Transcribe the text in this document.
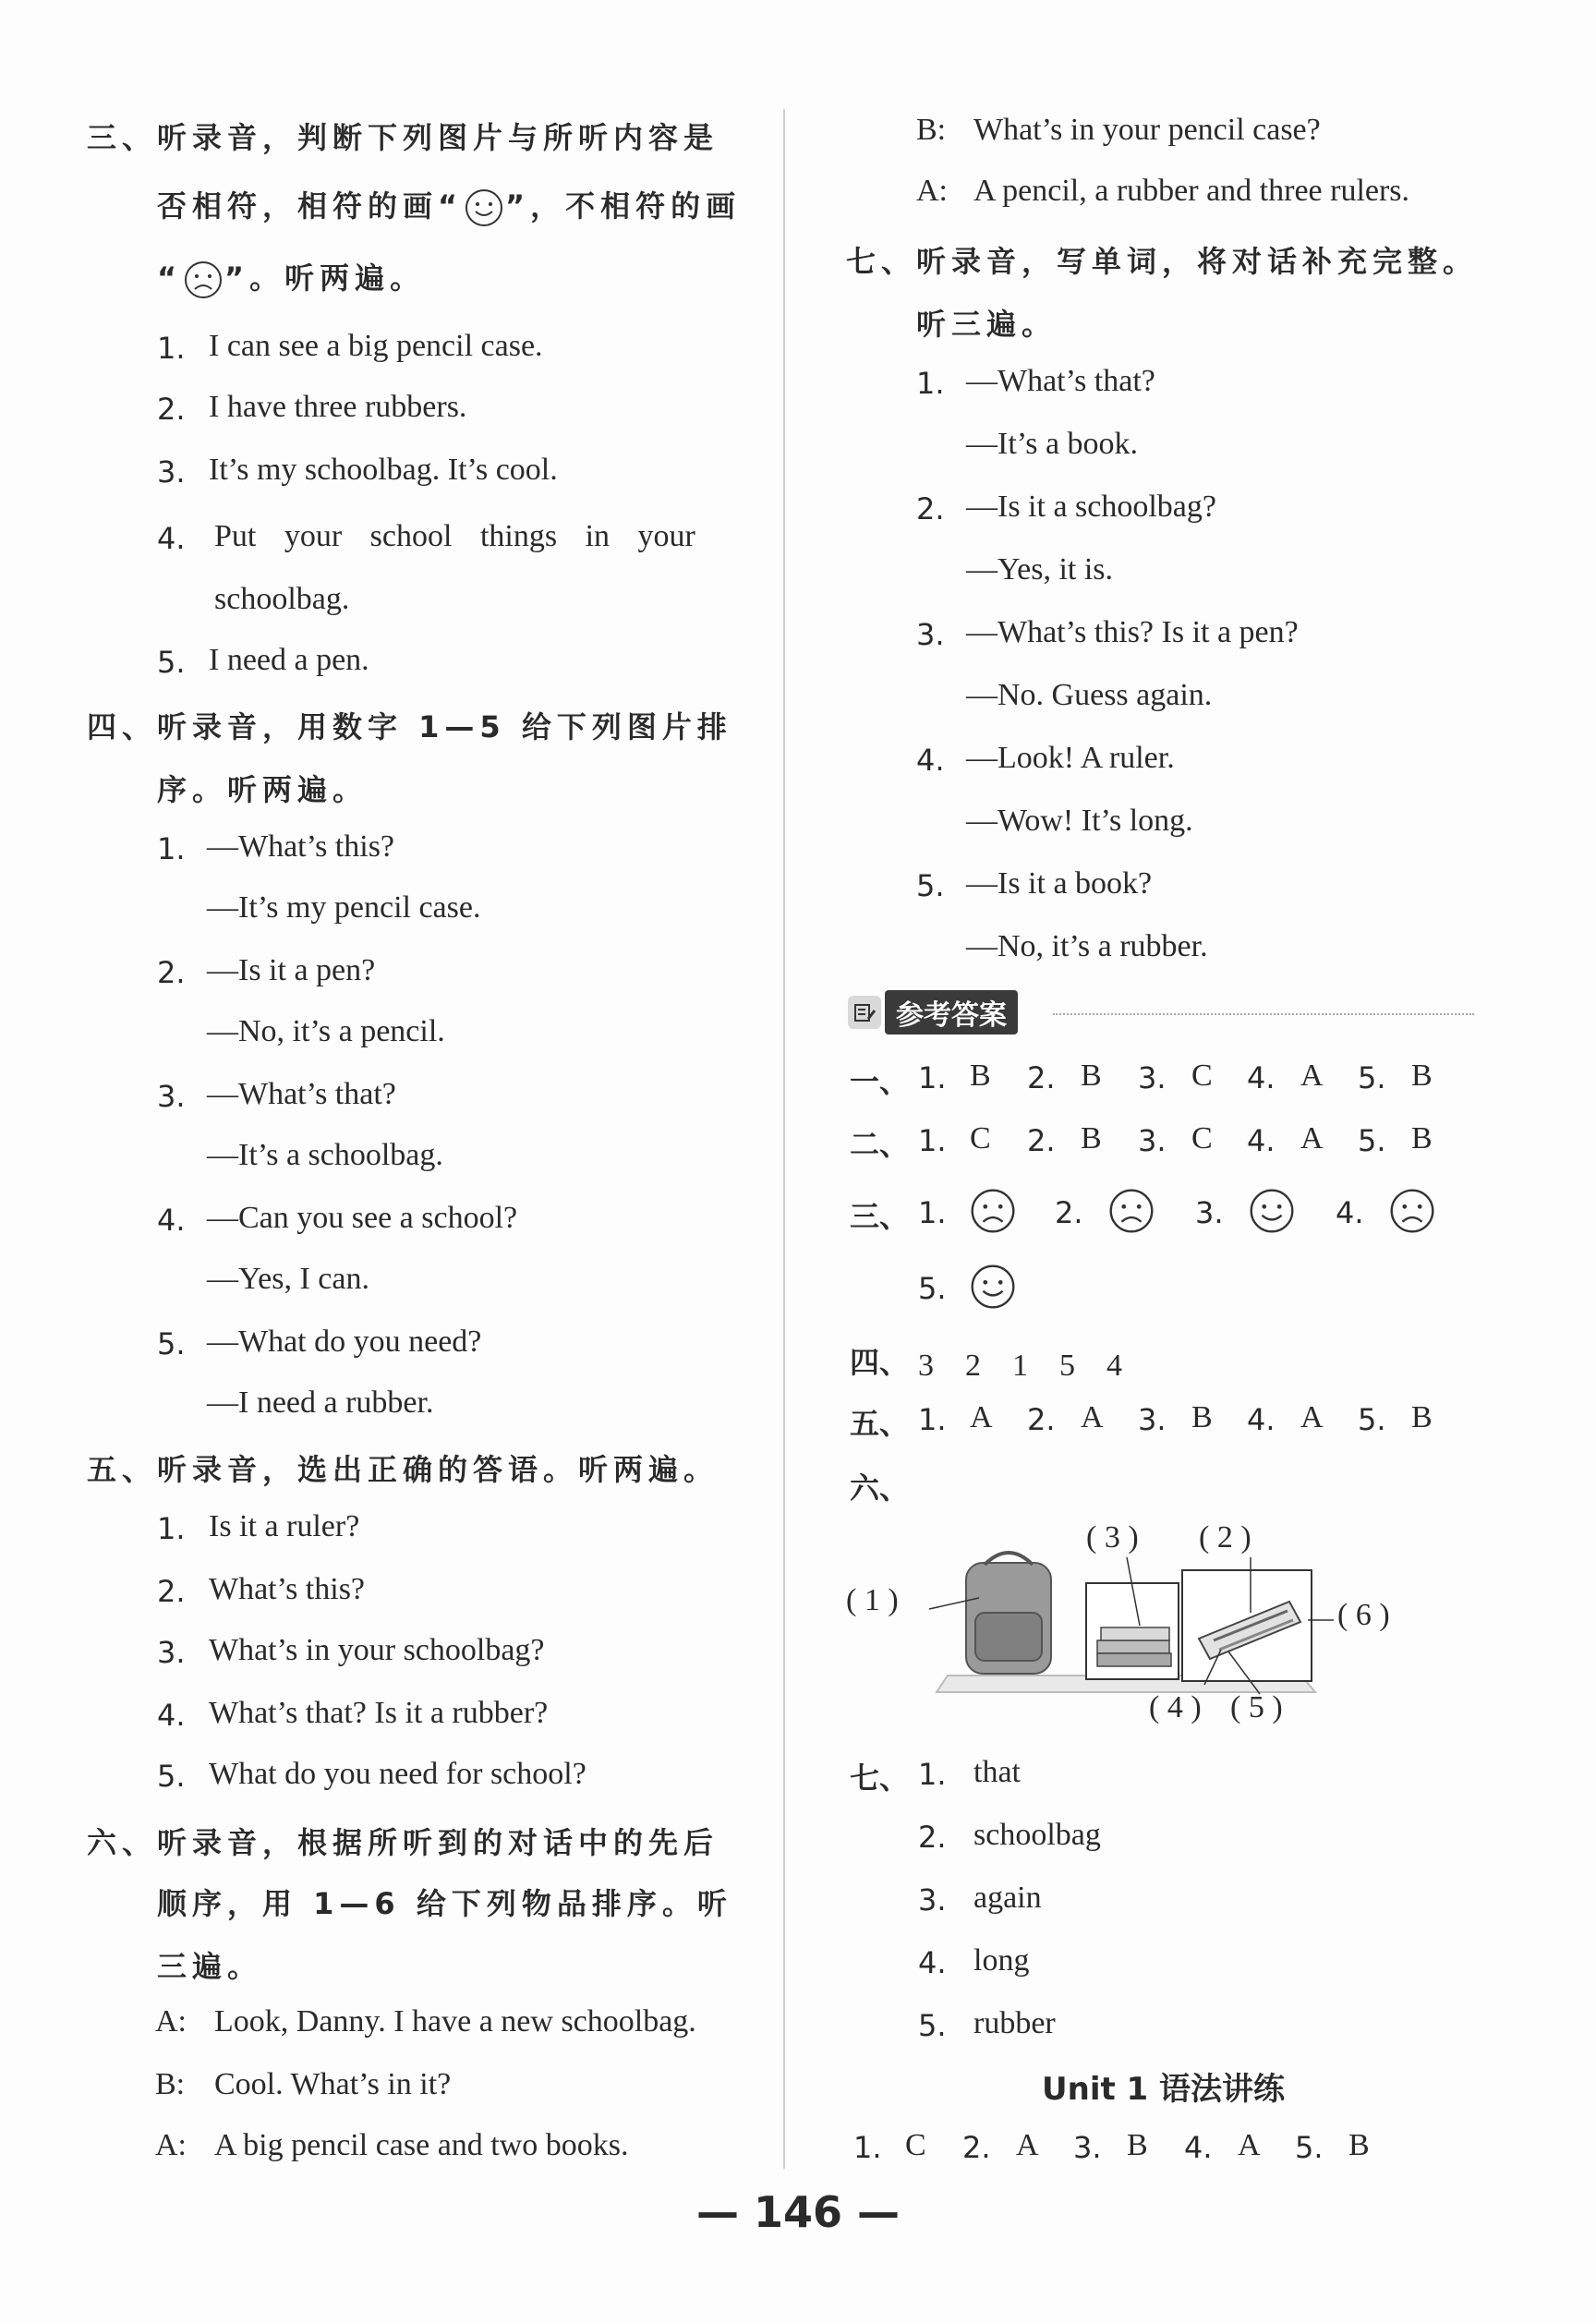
三、听录音，判断下列图片与所听内容是
否相符，相符的画“ ”，不相符的画
“ ”。听两遍。
1. I can see a big pencil case.
2. I have three rubbers.
3. It’s my schoolbag. It’s cool.
4. Put your school things in your
schoolbag.
5. I need a pen.
四、听录音，用数字 1—5 给下列图片排
序。听两遍。
1. —What’s this?
—It’s my pencil case.
2. —Is it a pen?
—No, it’s a pencil.
3. —What’s that?
—It’s a schoolbag.
4. —Can you see a school?
—Yes, I can.
5. —What do you need?
—I need a rubber.
五、听录音，选出正确的答语。听两遍。
1. Is it a ruler?
2. What’s this?
3. What’s in your schoolbag?
4. What’s that? Is it a rubber?
5. What do you need for school?
六、听录音，根据所听到的对话中的先后
顺序，用 1—6 给下列物品排序。听
三遍。
A: Look, Danny. I have a new schoolbag.
B: Cool. What’s in it?
A: A big pencil case and two books.
B: What’s in your pencil case?
A: A pencil, a rubber and three rulers.
七、听录音，写单词，将对话补充完整。
听三遍。
1. —What’s that?
—It’s a book.
2. —Is it a schoolbag?
—Yes, it is.
3. —What’s this? Is it a pen?
—No. Guess again.
4. —Look! A ruler.
—Wow! It’s long.
5. —Is it a book?
—No, it’s a rubber.
参考答案
一、 1. B 2. B 3. C 4. A 5. B
二、 1. C 2. B 3. C 4. A 5. B
三、 1.	2.	3.	4.
5.
四、 3　2　1　5　4
五、 1. A 2. A 3. B 4. A 5. B
六、
( 3 ) ( 2 )
( 1 )	( 6 )
( 4 ) ( 5 )
七、 1. that
2. schoolbag
3. again
4. long
5. rubber
Unit 1 语法讲练
1. C 2. A 3. B 4. A 5. B
— 146 —
